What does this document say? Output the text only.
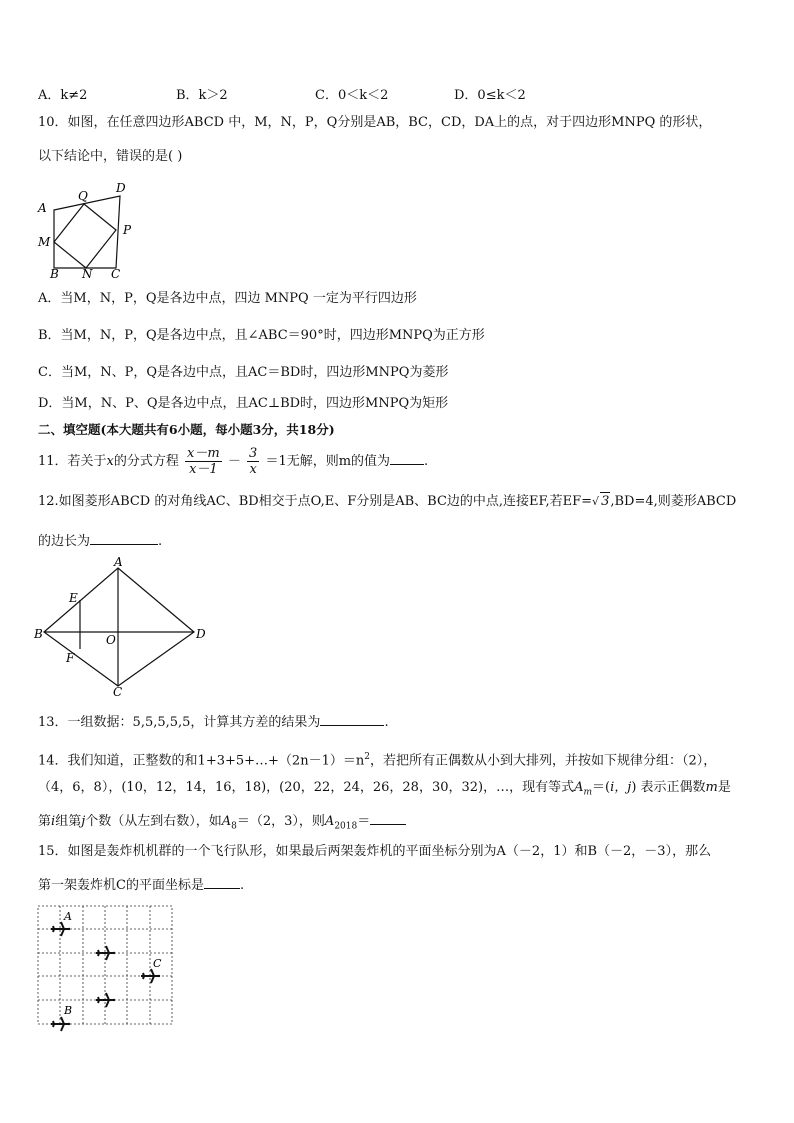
A．k≠2	B．k＞2	C．0＜k＜2	D．0≤k＜2
10．如图，在任意四边形ABCD 中，M，N，P，Q分别是AB，BC，CD，DA上的点，对于四边形MNPQ 的形状，
以下结论中，错误的是( )
A
Q
D
M
P
B N C
A．当M，N，P，Q是各边中点，四边 MNPQ 一定为平行四边形
B．当M，N，P，Q是各边中点，且∠ABC＝90°时，四边形MNPQ为正方形
C．当M，N、P，Q是各边中点，且AC＝BD时，四边形MNPQ为菱形
D．当M，N、P、Q是各边中点，且AC⊥BD时，四边形MNPQ为矩形
二、填空题(本大题共有6小题，每小题3分，共18分)
11．若关于x的分式方程 $\frac{x-m}{x-1} - \frac{3}{x} =1$无解，则m的值为	.
12.如图菱形ABCD 的对角线AC、BD相交于点O,E、F分别是AB、BC边的中点,连接EF,若EF=√ 3,BD=4,则菱形ABCD
的边长为	.
A
E
B	O	D
F
C
13．一组数据：5,5,5,5,5，计算其方差的结果为	.
14．我们知道，正整数的和$1+3+5+\dots+(2n-1)=n^2$，若把所有正偶数从小到大排列，并按如下规律分组：（2），
（4，6，8），(10，12，14，16，18)，(20，22，24，26，28，30，32)，…，现有等式$A_m=(i$，j) 表示正偶数m是
第i组第j个数（从左到右数），如$A_8=(2$，3），则$A_{2018}=$
15．如图是轰炸机机群的一个飞行队形，如果最后两架轰炸机的平面坐标分别为A（－2，1）和B（－2，－3），那么
第一架轰炸机C的平面坐标是	.
A
C
B
